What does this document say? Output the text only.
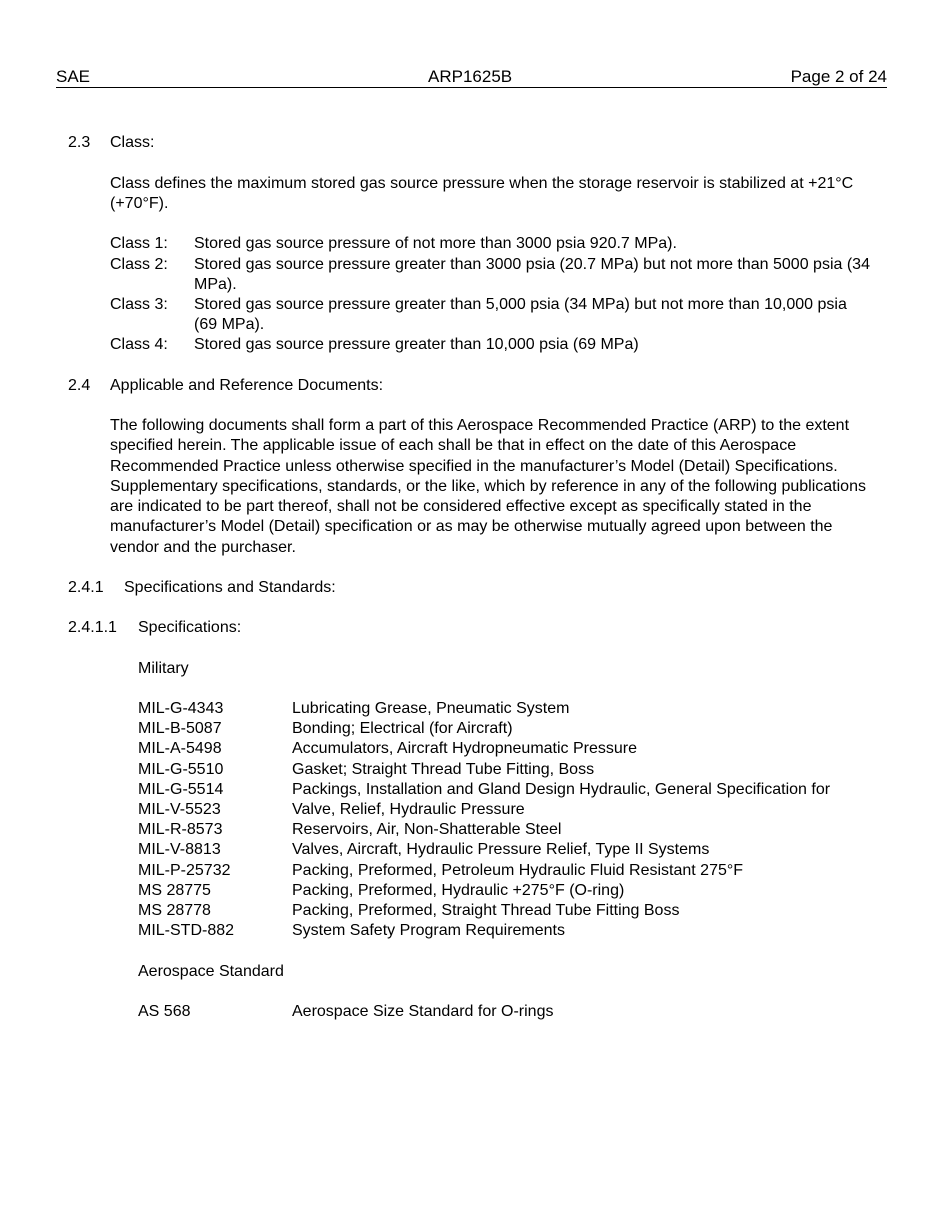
SAE	ARP1625B	Page 2 of 24
2.3 Class:
Class defines the maximum stored gas source pressure when the storage reservoir is stabilized at +21°C (+70°F).
Class 1: Stored gas source pressure of not more than 3000 psia 920.7 MPa).
Class 2: Stored gas source pressure greater than 3000 psia (20.7 MPa) but not more than 5000 psia (34 MPa).
Class 3: Stored gas source pressure greater than 5,000 psia (34 MPa) but not more than 10,000 psia (69 MPa).
Class 4: Stored gas source pressure greater than 10,000 psia (69 MPa)
2.4 Applicable and Reference Documents:
The following documents shall form a part of this Aerospace Recommended Practice (ARP) to the extent specified herein. The applicable issue of each shall be that in effect on the date of this Aerospace Recommended Practice unless otherwise specified in the manufacturer’s Model (Detail) Specifications. Supplementary specifications, standards, or the like, which by reference in any of the following publications are indicated to be part thereof, shall not be considered effective except as specifically stated in the manufacturer’s Model (Detail) specification or as may be otherwise mutually agreed upon between the vendor and the purchaser.
2.4.1 Specifications and Standards:
2.4.1.1 Specifications:
Military
MIL-G-4343	Lubricating Grease, Pneumatic System
MIL-B-5087	Bonding; Electrical (for Aircraft)
MIL-A-5498	Accumulators, Aircraft Hydropneumatic Pressure
MIL-G-5510	Gasket; Straight Thread Tube Fitting, Boss
MIL-G-5514	Packings, Installation and Gland Design Hydraulic, General Specification for
MIL-V-5523	Valve, Relief, Hydraulic Pressure
MIL-R-8573	Reservoirs, Air, Non-Shatterable Steel
MIL-V-8813	Valves, Aircraft, Hydraulic Pressure Relief, Type II Systems
MIL-P-25732	Packing, Preformed, Petroleum Hydraulic Fluid Resistant 275°F
MS 28775	Packing, Preformed, Hydraulic +275°F (O-ring)
MS 28778	Packing, Preformed, Straight Thread Tube Fitting Boss
MIL-STD-882	System Safety Program Requirements
Aerospace Standard
AS 568	Aerospace Size Standard for O-rings
